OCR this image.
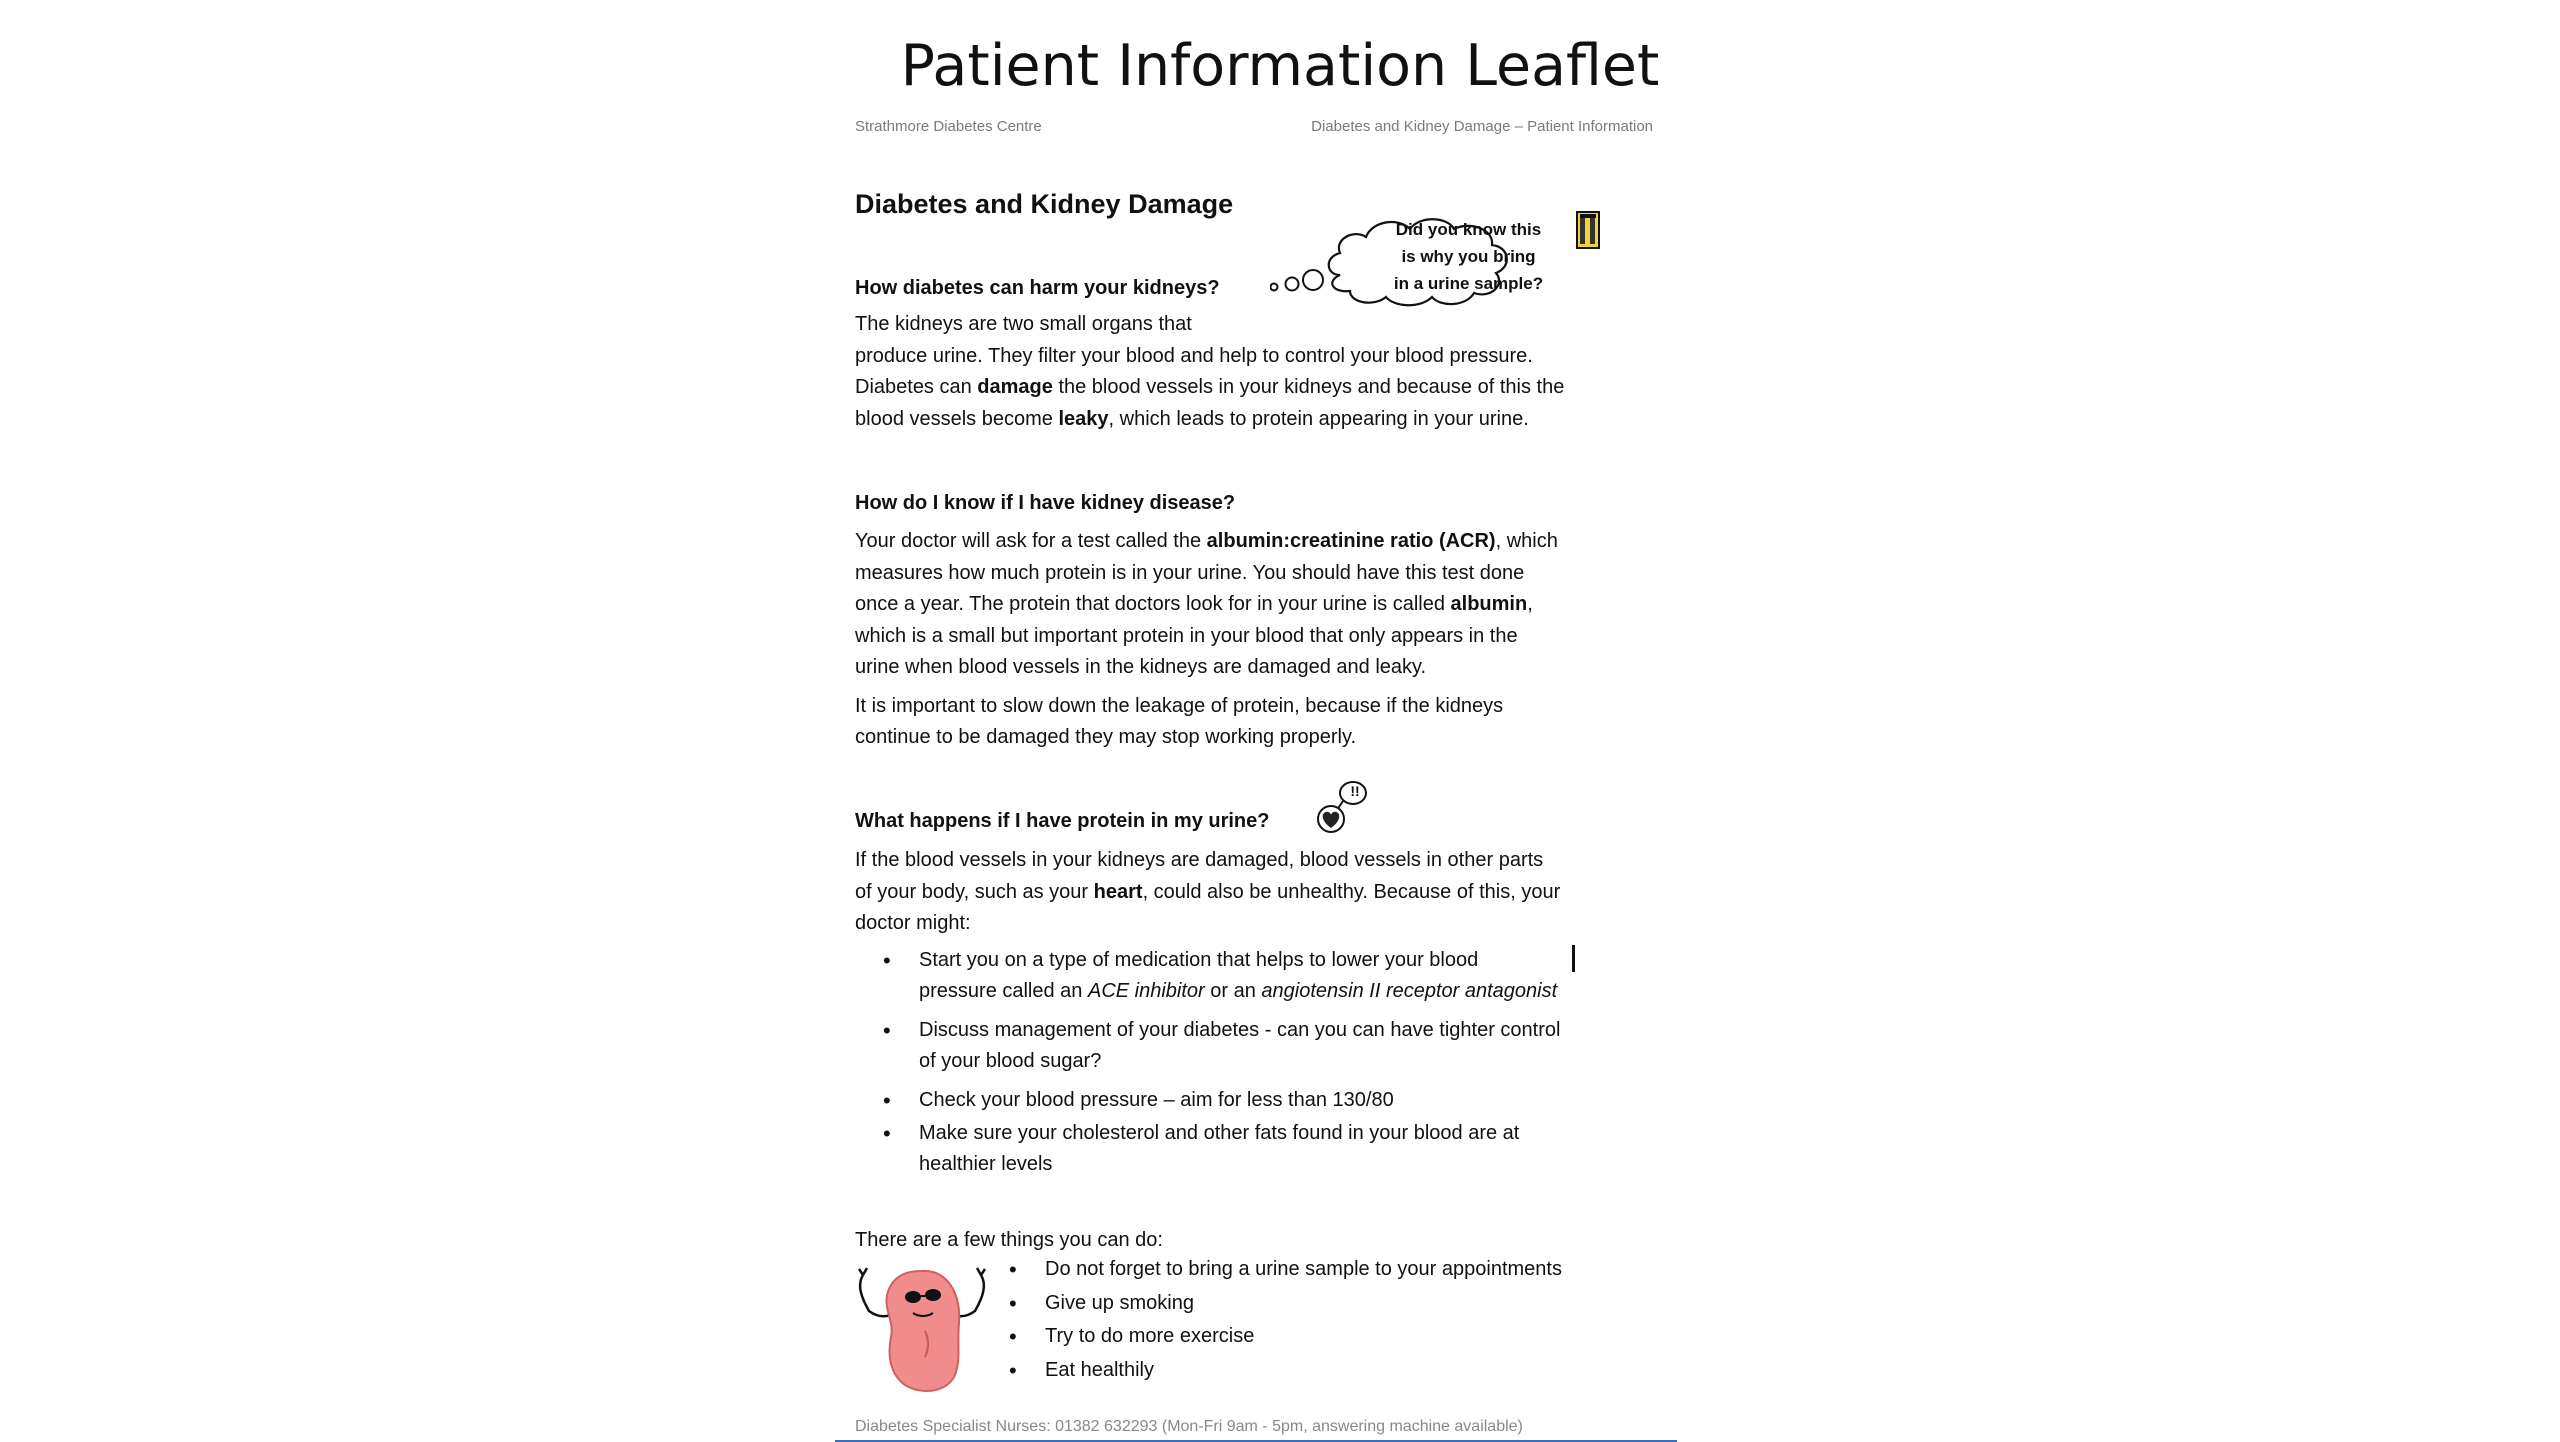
Patient Information Leaflet
Strathmore Diabetes Centre	Diabetes and Kidney Damage – Patient Information
Diabetes and Kidney Damage
Did you know this
is why you bring
in a urine sample?
How diabetes can harm your kidneys?
The kidneys are two small organs that
produce urine. They filter your blood and help to control your blood pressure.
Diabetes can damage the blood vessels in your kidneys and because of this the
blood vessels become leaky, which leads to protein appearing in your urine.
How do I know if I have kidney disease?
Your doctor will ask for a test called the albumin:creatinine ratio (ACR), which
measures how much protein is in your urine. You should have this test done
once a year. The protein that doctors look for in your urine is called albumin,
which is a small but important protein in your blood that only appears in the
urine when blood vessels in the kidneys are damaged and leaky.
It is important to slow down the leakage of protein, because if the kidneys
continue to be damaged they may stop working properly.
What happens if I have protein in my urine?
!!
If the blood vessels in your kidneys are damaged, blood vessels in other parts
of your body, such as your heart, could also be unhealthy. Because of this, your
doctor might:
• Start you on a type of medication that helps to lower your blood
pressure called an ACE inhibitor or an angiotensin II receptor antagonist
• Discuss management of your diabetes - can you can have tighter control
of your blood sugar?
• Check your blood pressure – aim for less than 130/80
• Make sure your cholesterol and other fats found in your blood are at
healthier levels
There are a few things you can do:
• Do not forget to bring a urine sample to your appointments
• Give up smoking
• Try to do more exercise
• Eat healthily
Diabetes Specialist Nurses: 01382 632293 (Mon-Fri 9am - 5pm, answering machine available)
